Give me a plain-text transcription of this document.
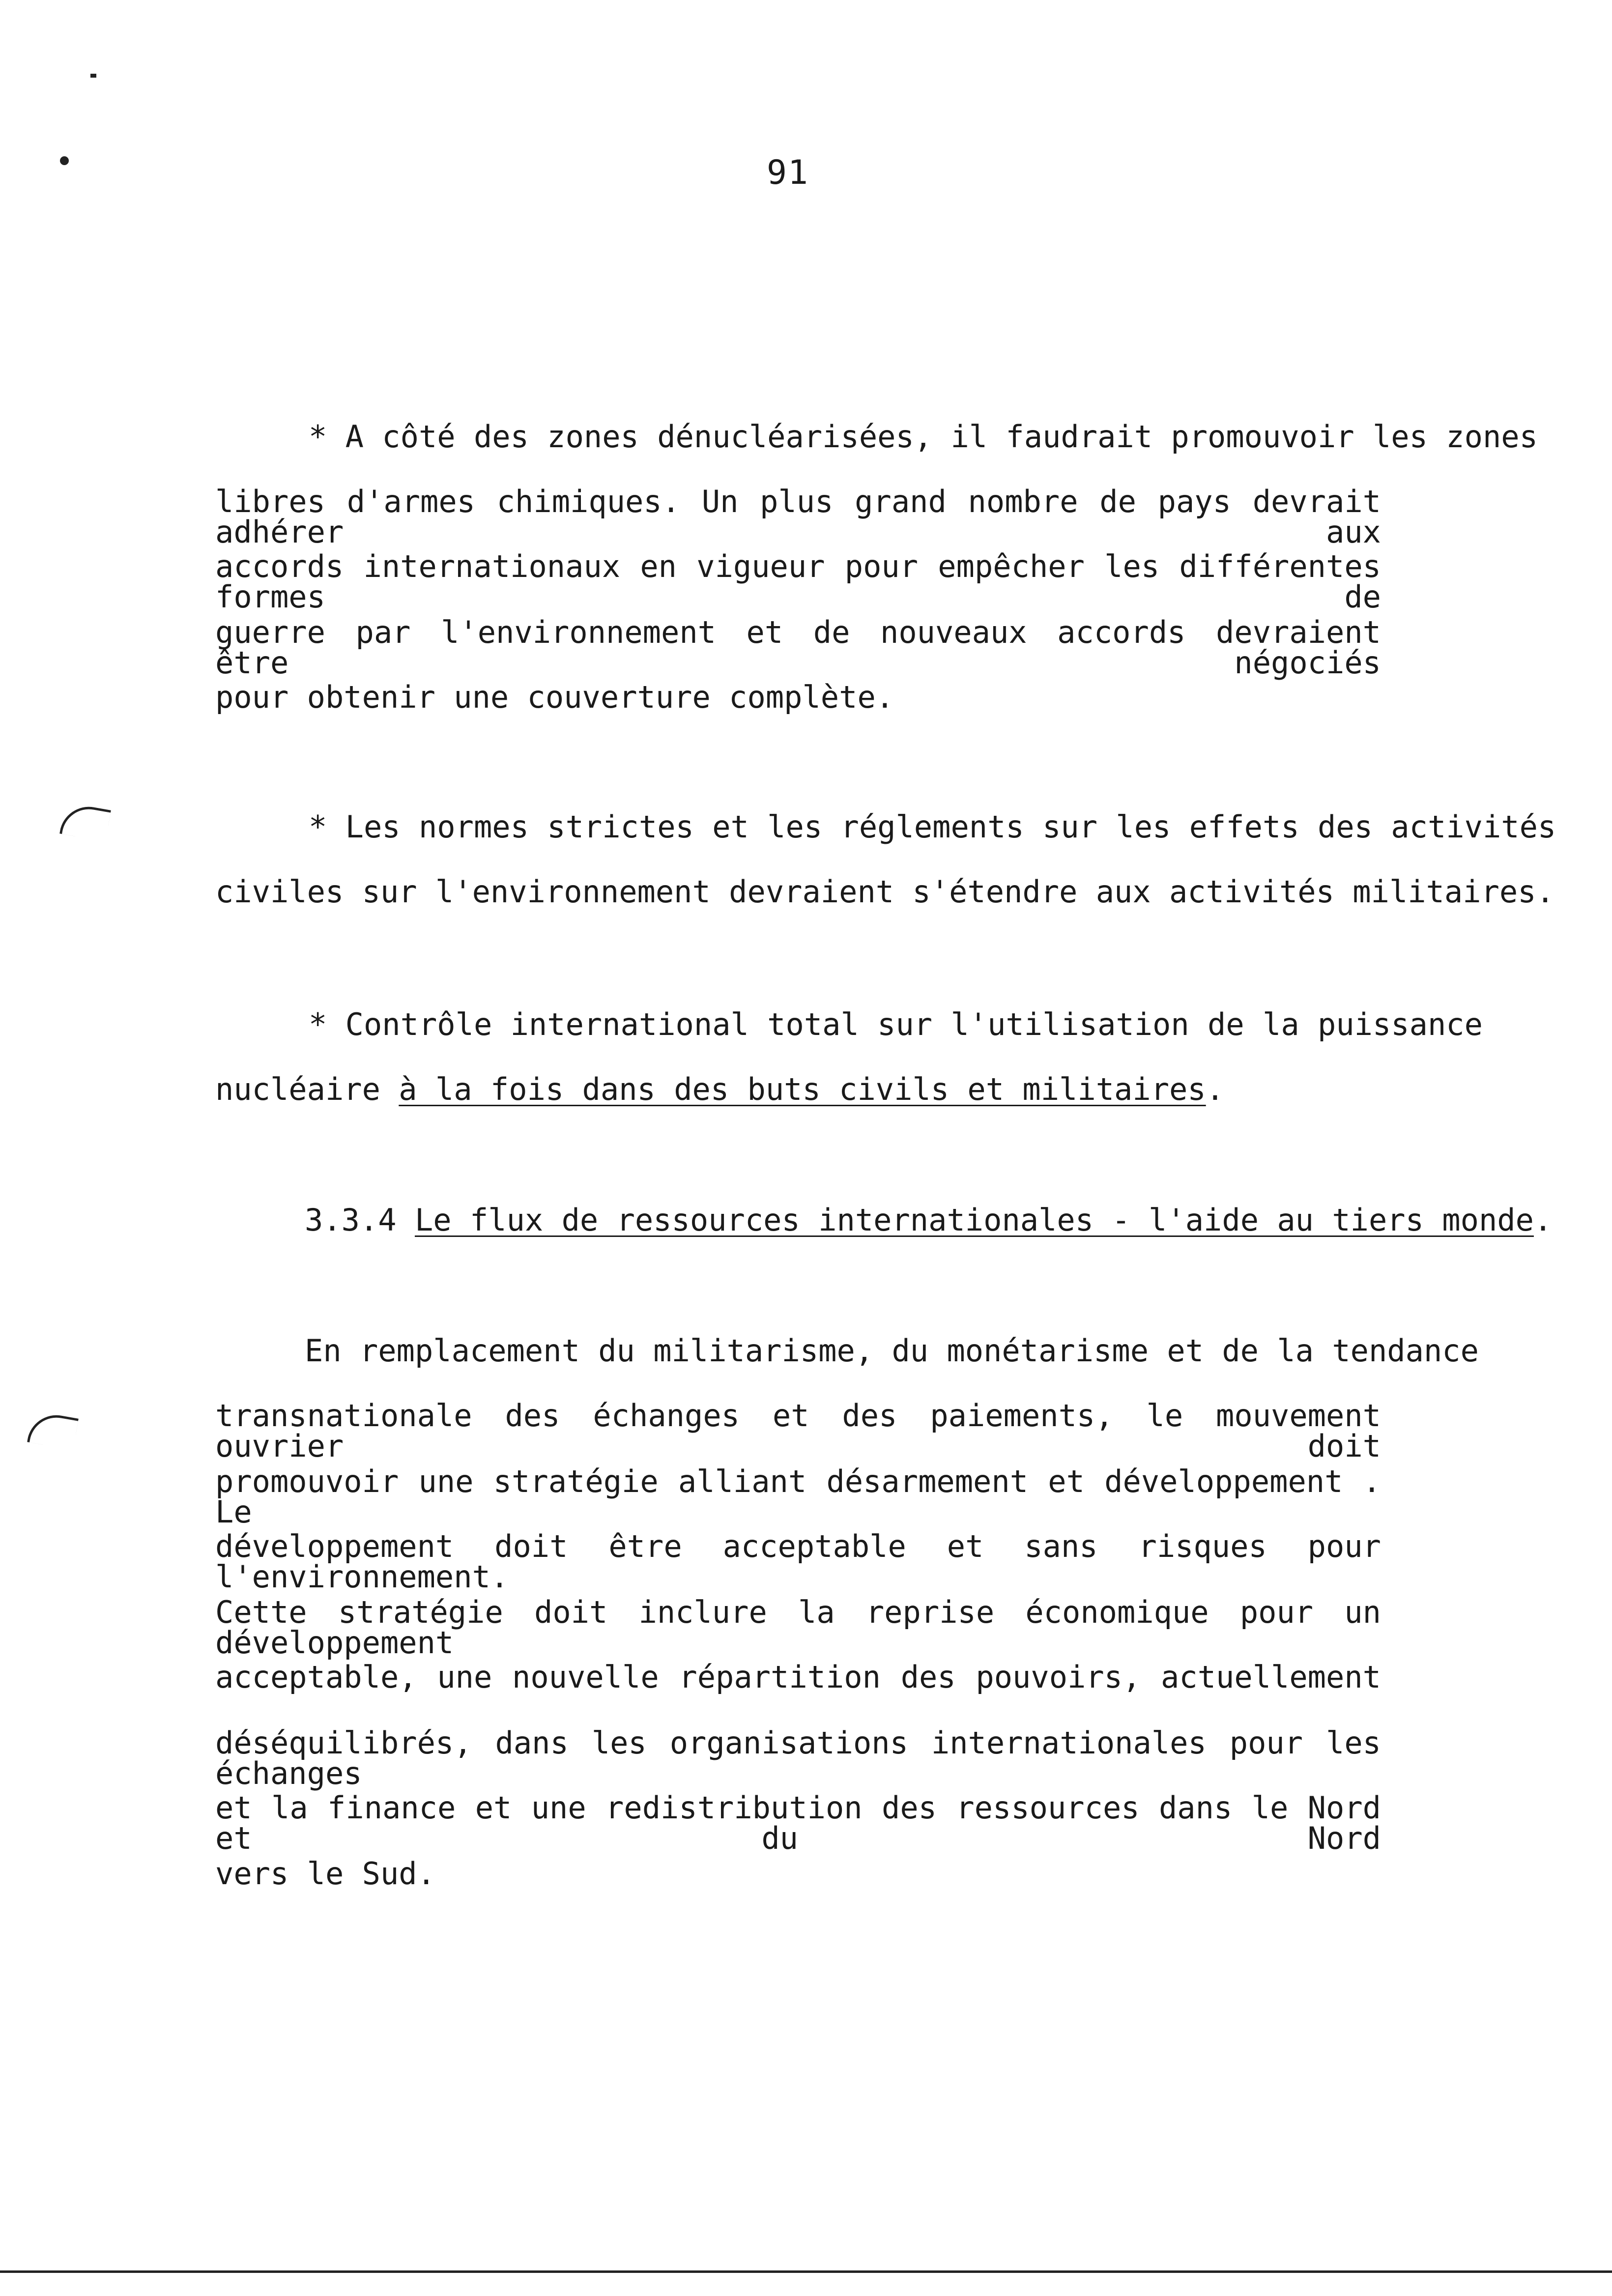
91
* A côté des zones dénucléarisées, il faudrait promouvoir les zones
libres d'armes chimiques. Un plus grand nombre de pays devrait adhérer aux
accords internationaux en vigueur pour empêcher les différentes formes de
guerre par l'environnement et de nouveaux accords devraient être négociés
pour obtenir une couverture complète.
* Les normes strictes et les réglements sur les effets des activités
civiles sur l'environnement devraient s'étendre aux activités militaires.
* Contrôle international total sur l'utilisation de la puissance
nucléaire à la fois dans des buts civils et militaires.
3.3.4 Le flux de ressources internationales - l'aide au tiers monde.
En remplacement du militarisme, du monétarisme et de la tendance
transnationale des échanges et des paiements, le mouvement ouvrier doit
promouvoir une stratégie alliant désarmement et développement . Le
développement doit être acceptable et sans risques pour l'environnement.
Cette stratégie doit inclure la reprise économique pour un développement
acceptable, une nouvelle répartition des pouvoirs, actuellement
déséquilibrés, dans les organisations internationales pour les échanges
et la finance et une redistribution des ressources dans le Nord et du Nord
vers le Sud.
